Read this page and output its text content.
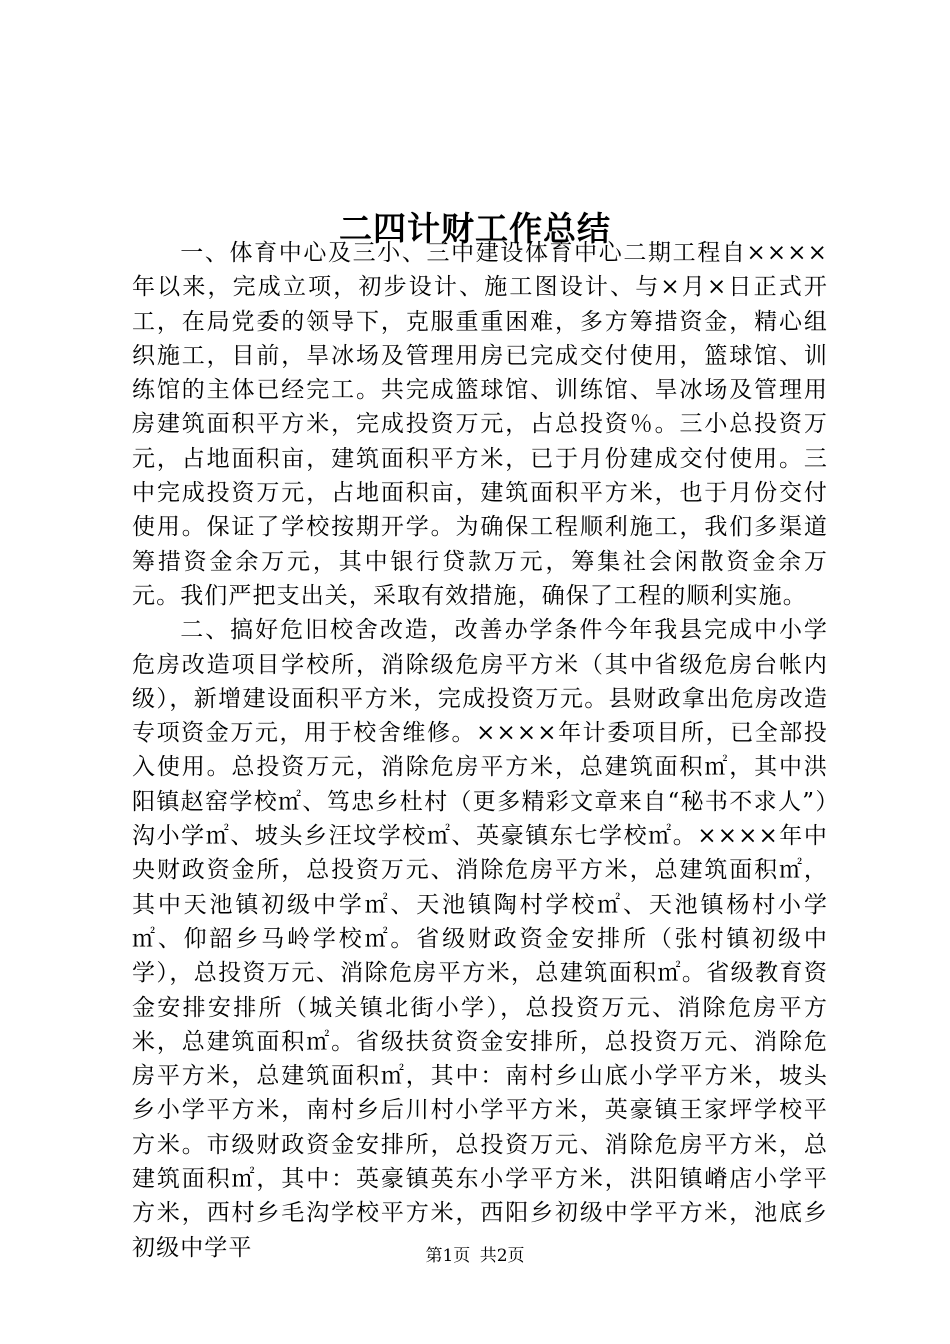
二四计财工作总结

一、体育中心及三小、三中建设体育中心二期工程自××××年以来，完成立项，初步设计、施工图设计、与×月×日正式开工，在局党委的领导下，克服重重困难，多方筹措资金，精心组织施工，目前，旱冰场及管理用房已完成交付使用，篮球馆、训练馆的主体已经完工。共完成篮球馆、训练馆、旱冰场及管理用房建筑面积平方米，完成投资万元，占总投资％。三小总投资万元，占地面积亩，建筑面积平方米，已于月份建成交付使用。三中完成投资万元，占地面积亩，建筑面积平方米，也于月份交付使用。保证了学校按期开学。为确保工程顺利施工，我们多渠道筹措资金余万元，其中银行贷款万元，筹集社会闲散资金余万元。我们严把支出关，采取有效措施，确保了工程的顺利实施。

二、搞好危旧校舍改造，改善办学条件今年我县完成中小学危房改造项目学校所，消除级危房平方米（其中省级危房台帐内级），新增建设面积平方米，完成投资万元。县财政拿出危房改造专项资金万元，用于校舍维修。××××年计委项目所，已全部投入使用。总投资万元，消除危房平方米，总建筑面积㎡，其中洪阳镇赵窑学校㎡、笃忠乡杜村（更多精彩文章来自“秘书不求人”）沟小学㎡、坡头乡汪坟学校㎡、英豪镇东七学校㎡。××××年中央财政资金所，总投资万元、消除危房平方米，总建筑面积㎡，其中天池镇初级中学㎡、天池镇陶村学校㎡、天池镇杨村小学㎡、仰韶乡马岭学校㎡。省级财政资金安排所（张村镇初级中学），总投资万元、消除危房平方米，总建筑面积㎡。省级教育资金安排安排所（城关镇北街小学），总投资万元、消除危房平方米，总建筑面积㎡。省级扶贫资金安排所，总投资万元、消除危房平方米，总建筑面积㎡，其中：南村乡山底小学平方米，坡头乡小学平方米，南村乡后川村小学平方米，英豪镇王家坪学校平方米。市级财政资金安排所，总投资万元、消除危房平方米，总建筑面积㎡，其中：英豪镇英东小学平方米，洪阳镇嵴店小学平方米，西村乡毛沟学校平方米，西阳乡初级中学平方米，池底乡初级中学平	第1页 共2页
